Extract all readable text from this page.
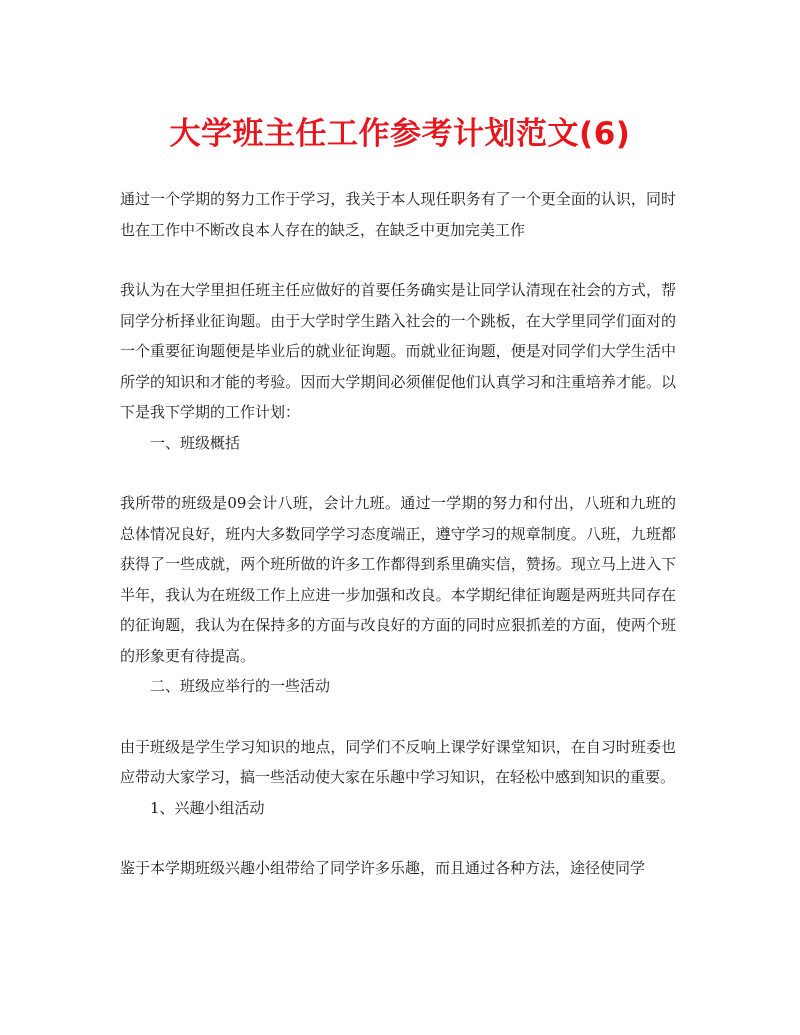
大学班主任工作参考计划范文(6)

通过一个学期的努力工作于学习，我关于本人现任职务有了一个更全面的认识，同时也在工作中不断改良本人存在的缺乏，在缺乏中更加完美工作

我认为在大学里担任班主任应做好的首要任务确实是让同学认清现在社会的方式，帮同学分析择业征询题。由于大学时学生踏入社会的一个跳板，在大学里同学们面对的一个重要征询题便是毕业后的就业征询题。而就业征询题，便是对同学们大学生活中所学的知识和才能的考验。因而大学期间必须催促他们认真学习和注重培养才能。以下是我下学期的工作计划：

一、班级概括

我所带的班级是09会计八班，会计九班。通过一学期的努力和付出，八班和九班的总体情况良好，班内大多数同学学习态度端正，遵守学习的规章制度。八班，九班都获得了一些成就，两个班所做的许多工作都得到系里确实信，赞扬。现立马上进入下半年，我认为在班级工作上应进一步加强和改良。本学期纪律征询题是两班共同存在的征询题，我认为在保持多的方面与改良好的方面的同时应狠抓差的方面，使两个班的形象更有待提高。

二、班级应举行的一些活动

由于班级是学生学习知识的地点，同学们不反响上课学好课堂知识，在自习时班委也应带动大家学习，搞一些活动使大家在乐趣中学习知识，在轻松中感到知识的重要。

1、兴趣小组活动

鉴于本学期班级兴趣小组带给了同学许多乐趣，而且通过各种方法，途径使同学
